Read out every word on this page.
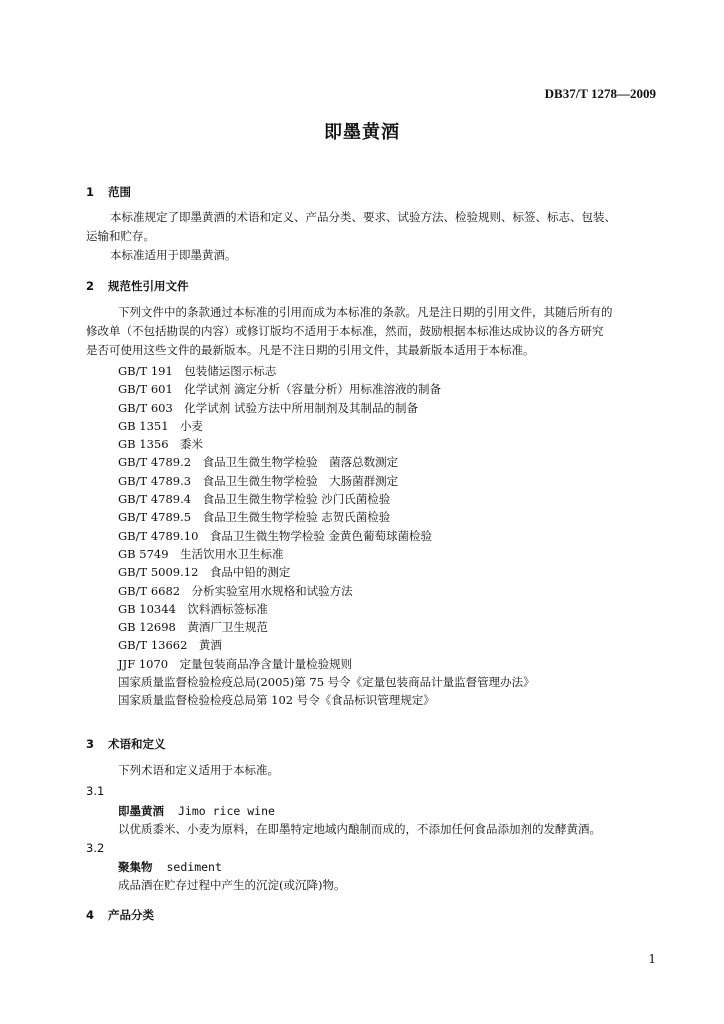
DB37/T 1278—2009
即墨黄酒
1 范围
本标准规定了即墨黄酒的术语和定义、产品分类、要求、试验方法、检验规则、标签、标志、包装、
运输和贮存。
本标准适用于即墨黄酒。
2 规范性引用文件
下列文件中的条款通过本标准的引用而成为本标准的条款。凡是注日期的引用文件，其随后所有的
修改单（不包括勘误的内容）或修订版均不适用于本标准，然而，鼓励根据本标准达成协议的各方研究
是否可使用这些文件的最新版本。凡是不注日期的引用文件，其最新版本适用于本标准。
GB/T 191　包装储运图示标志
GB/T 601　化学试剂 滴定分析（容量分析）用标准溶液的制备
GB/T 603　化学试剂 试验方法中所用制剂及其制品的制备
GB 1351　小麦
GB 1356　黍米
GB/T 4789.2　食品卫生微生物学检验　菌落总数测定
GB/T 4789.3　食品卫生微生物学检验　大肠菌群测定
GB/T 4789.4　食品卫生微生物学检验 沙门氏菌检验
GB/T 4789.5　食品卫生微生物学检验 志贺氏菌检验
GB/T 4789.10　食品卫生微生物学检验 金黄色葡萄球菌检验
GB 5749　生活饮用水卫生标准
GB/T 5009.12　食品中铅的测定
GB/T 6682　分析实验室用水规格和试验方法
GB 10344　饮料酒标签标准
GB 12698　黄酒厂卫生规范
GB/T 13662　黄酒
JJF 1070　定量包装商品净含量计量检验规则
国家质量监督检验检疫总局(2005)第 75 号令《定量包装商品计量监督管理办法》
国家质量监督检验检疫总局第 102 号令《食品标识管理规定》
3 术语和定义
下列术语和定义适用于本标准。
3.1
即墨黄酒 Jimo rice wine
以优质黍米、小麦为原料，在即墨特定地域内酿制而成的，不添加任何食品添加剂的发酵黄酒。
3.2
聚集物 sediment
成品酒在贮存过程中产生的沉淀(或沉降)物。
4 产品分类
1
